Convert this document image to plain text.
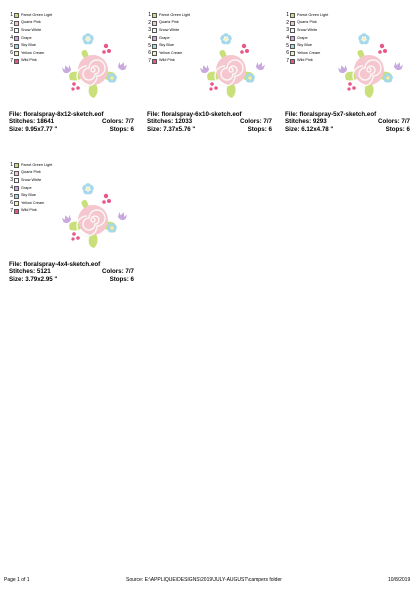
1 Parrot Green Light
2 Quartz Pink
3 Snow White
4 Grape
5 Sky Blue
6 Yellow Cream
7 Wild Pink
File: floralspray-8x12-sketch.eof
Stitches: 18641	Colors: 7/7
Size: 9.95x7.77 "	Stops: 6
1 Parrot Green Light
2 Quartz Pink
3 Snow White
4 Grape
5 Sky Blue
6 Yellow Cream
7 Wild Pink
File: floralspray-6x10-sketch.eof
Stitches: 12033	Colors: 7/7
Size: 7.37x5.76 "	Stops: 6
1 Parrot Green Light
2 Quartz Pink
3 Snow White
4 Grape
5 Sky Blue
6 Yellow Cream
7 Wild Pink
File: floralspray-5x7-sketch.eof
Stitches: 9293	Colors: 7/7
Size: 6.12x4.78 "	Stops: 6
1 Parrot Green Light
2 Quartz Pink
3 Snow White
4 Grape
5 Sky Blue
6 Yellow Cream
7 Wild Pink
File: floralspray-4x4-sketch.eof
Stitches: 5121	Colors: 7/7
Size: 3.79x2.95 "	Stops: 6
Page 1 of 1	Source: E:\APPLIQUE\DESIGNS\2019\JULY-AUGUST\campers folder	10/8/2019
